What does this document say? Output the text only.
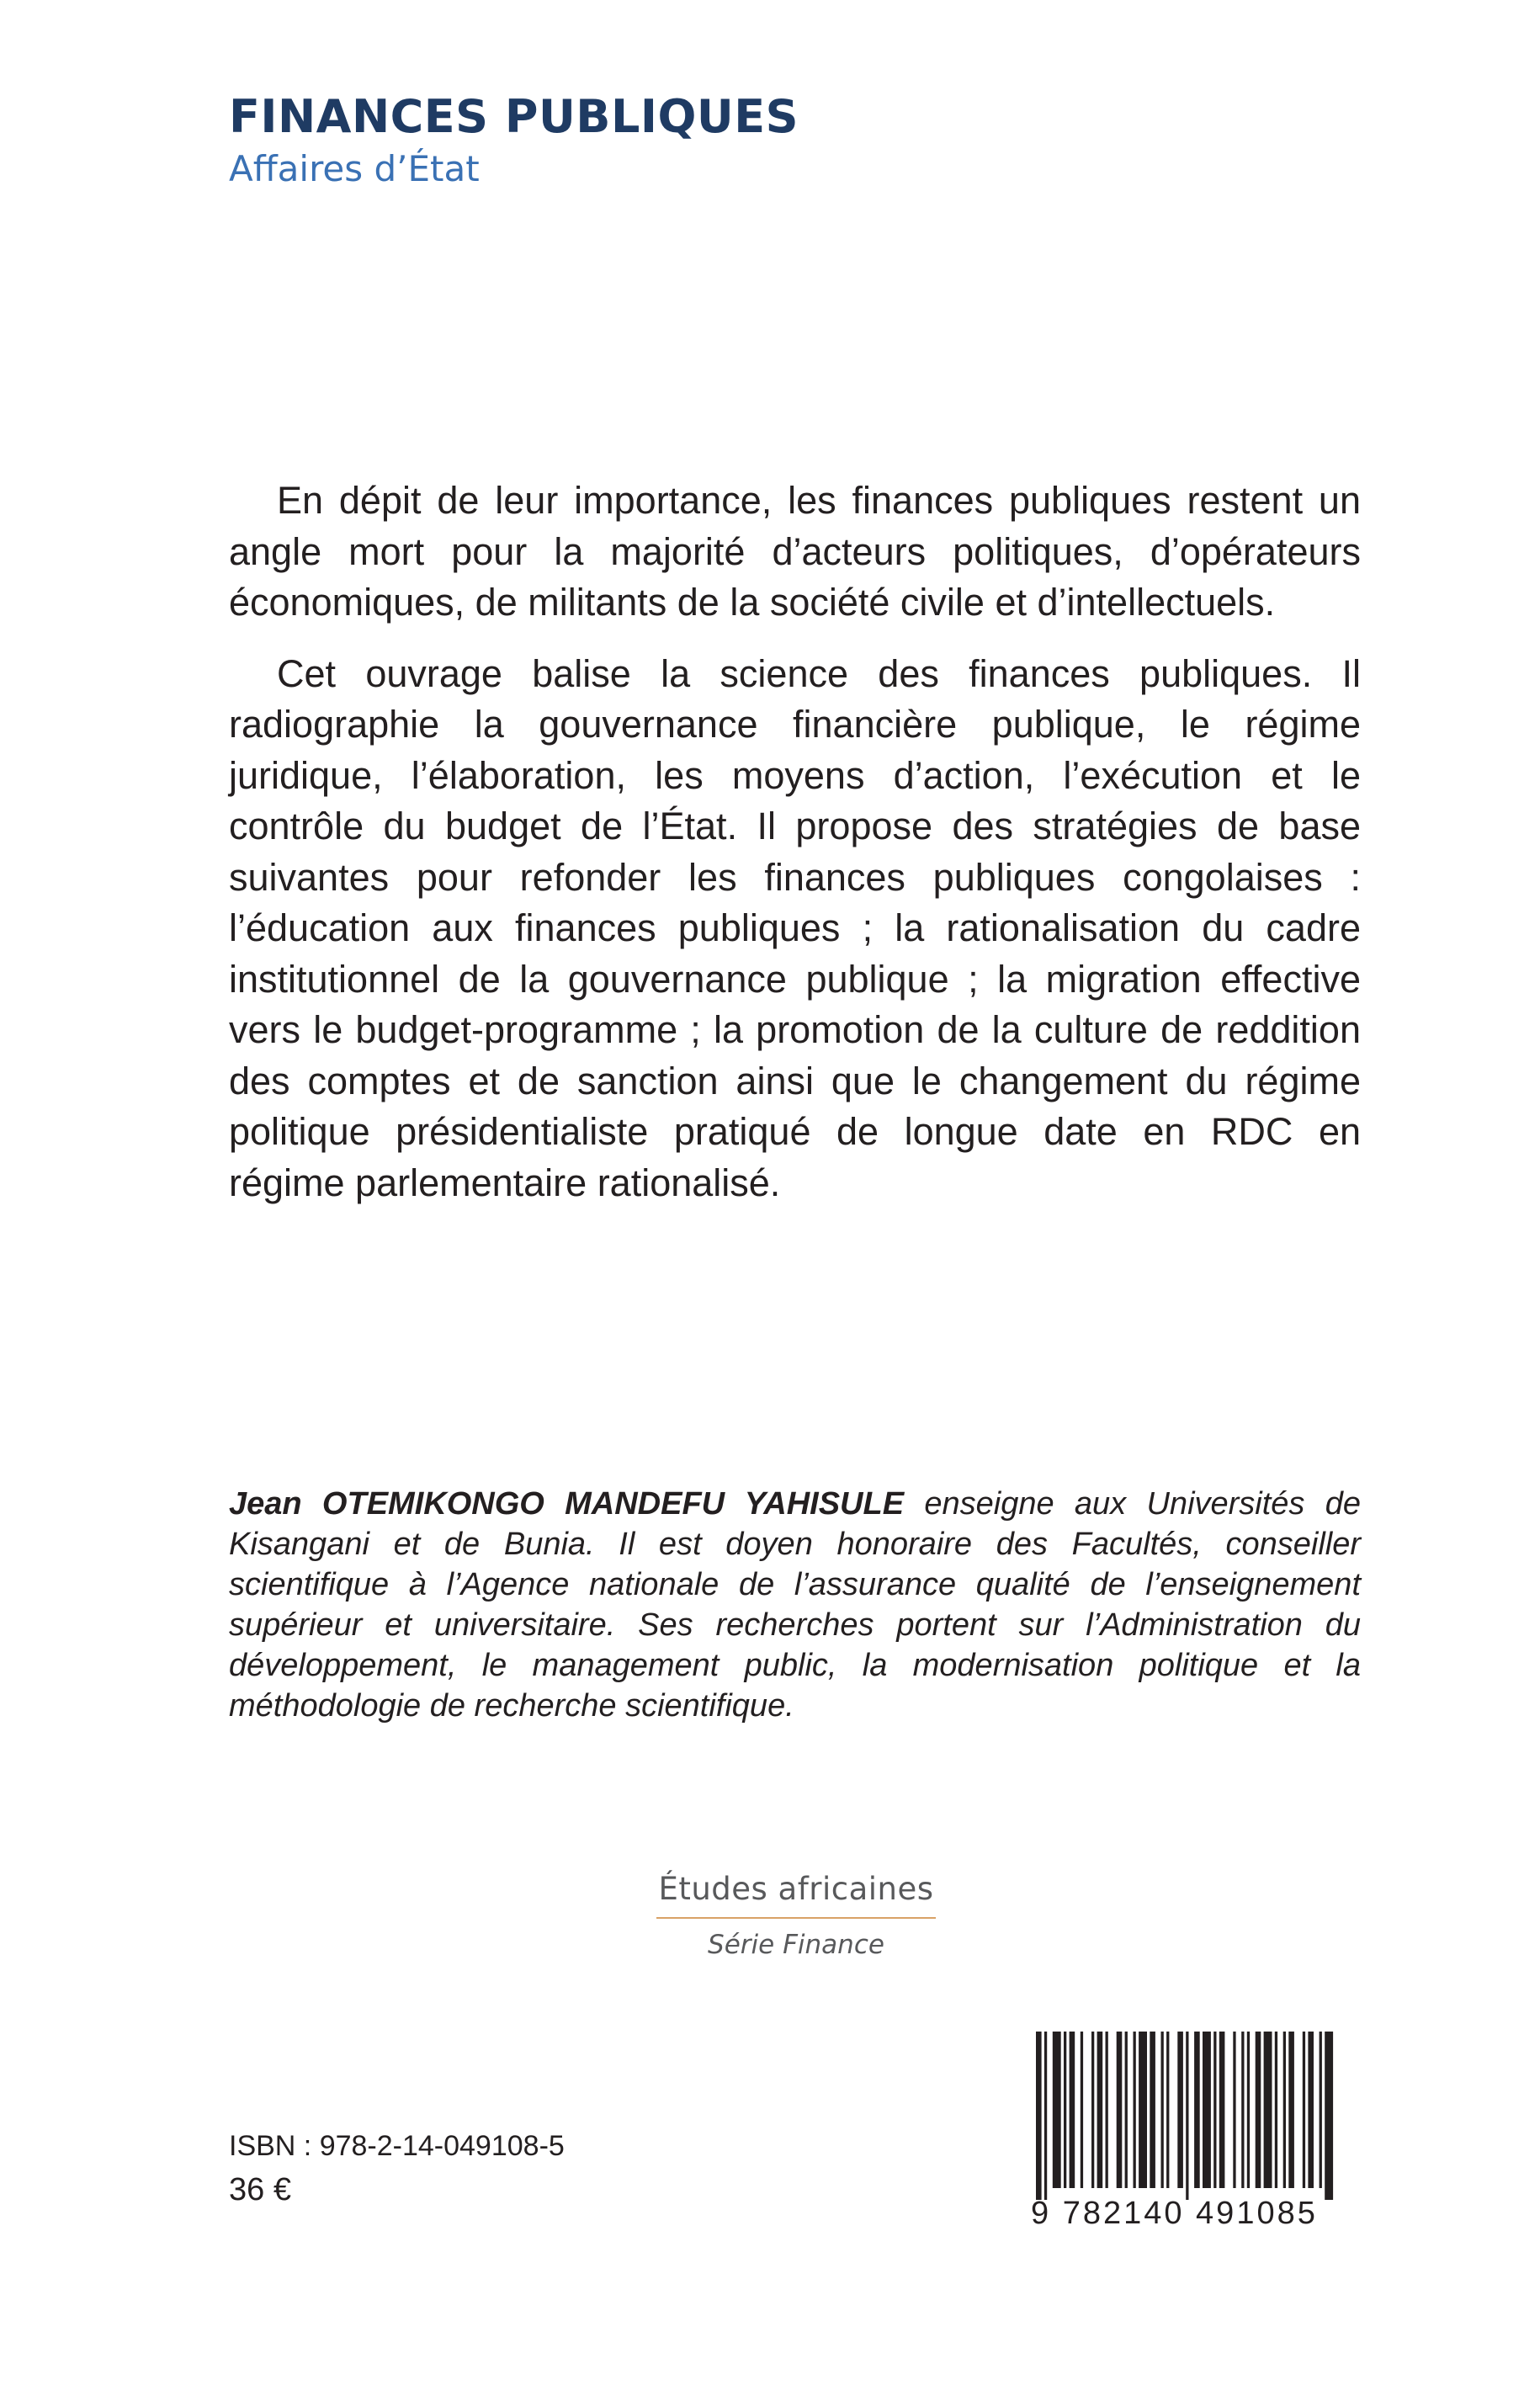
FINANCES PUBLIQUES
Affaires d’État

En dépit de leur importance, les finances publiques restent un angle mort pour la majorité d’acteurs politiques, d’opérateurs économiques, de militants de la société civile et d’intellectuels.

Cet ouvrage balise la science des finances publiques. Il radiographie la gouvernance financière publique, le régime juridique, l’élaboration, les moyens d’action, l’exécution et le contrôle du budget de l’État. Il propose des stratégies de base suivantes pour refonder les finances publiques congolaises : l’éducation aux finances publiques ; la rationalisation du cadre institutionnel de la gouvernance publique ; la migration effective vers le budget-programme ; la promotion de la culture de reddition des comptes et de sanction ainsi que le changement du régime politique présidentialiste pratiqué de longue date en RDC en régime parlementaire rationalisé.

Jean OTEMIKONGO MANDEFU YAHISULE enseigne aux Universités de Kisangani et de Bunia. Il est doyen honoraire des Facultés, conseiller scientifique à l’Agence nationale de l’assurance qualité de l’enseignement supérieur et universitaire. Ses recherches portent sur l’Administration du développement, le management public, la modernisation politique et la méthodologie de recherche scientifique.
Études africaines
Série Finance
ISBN : 978-2-14-049108-5
36 €
9 782140 491085
